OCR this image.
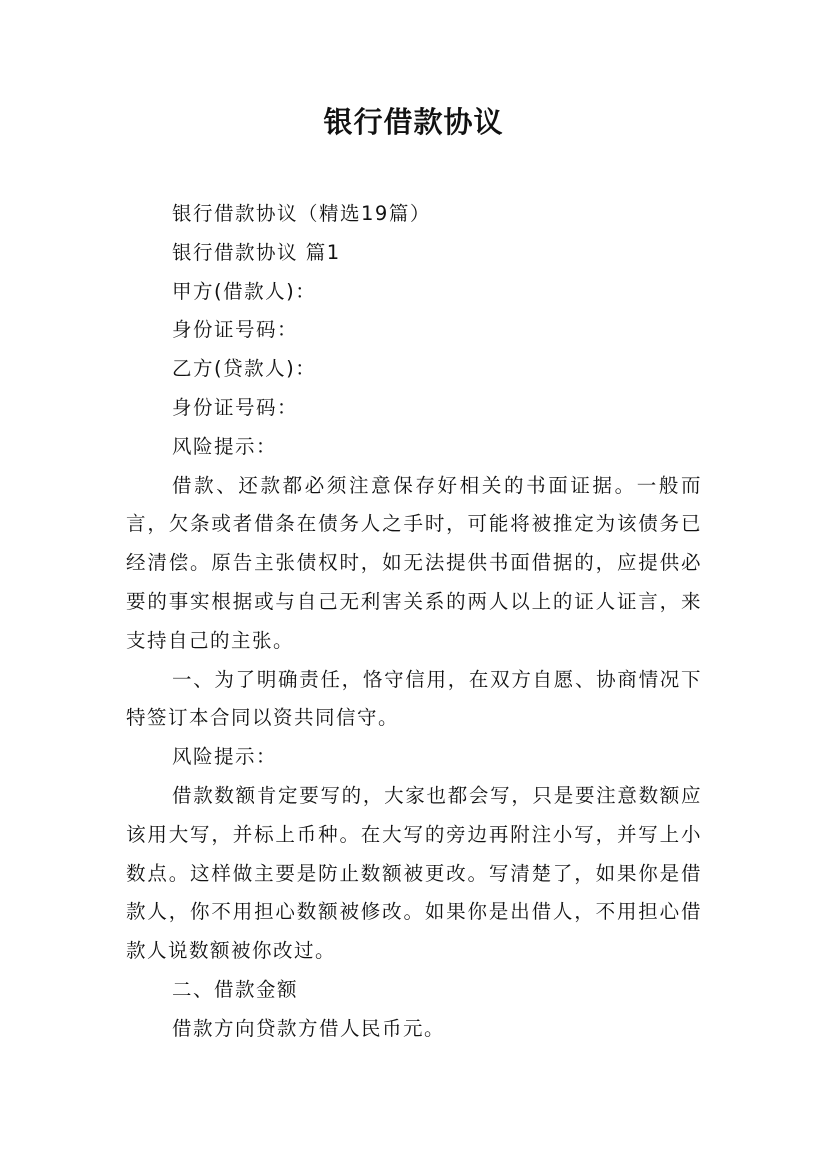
银行借款协议

银行借款协议（精选19篇）

银行借款协议 篇1

甲方(借款人)：

身份证号码：

乙方(贷款人)：

身份证号码：

风险提示：

借款、还款都必须注意保存好相关的书面证据。一般而言，欠条或者借条在债务人之手时，可能将被推定为该债务已经清偿。原告主张债权时，如无法提供书面借据的，应提供必要的事实根据或与自己无利害关系的两人以上的证人证言，来支持自己的主张。

一、为了明确责任，恪守信用，在双方自愿、协商情况下特签订本合同以资共同信守。

风险提示：

借款数额肯定要写的，大家也都会写，只是要注意数额应该用大写，并标上币种。在大写的旁边再附注小写，并写上小数点。这样做主要是防止数额被更改。写清楚了，如果你是借款人，你不用担心数额被修改。如果你是出借人，不用担心借款人说数额被你改过。

二、借款金额

借款方向贷款方借人民币元。
